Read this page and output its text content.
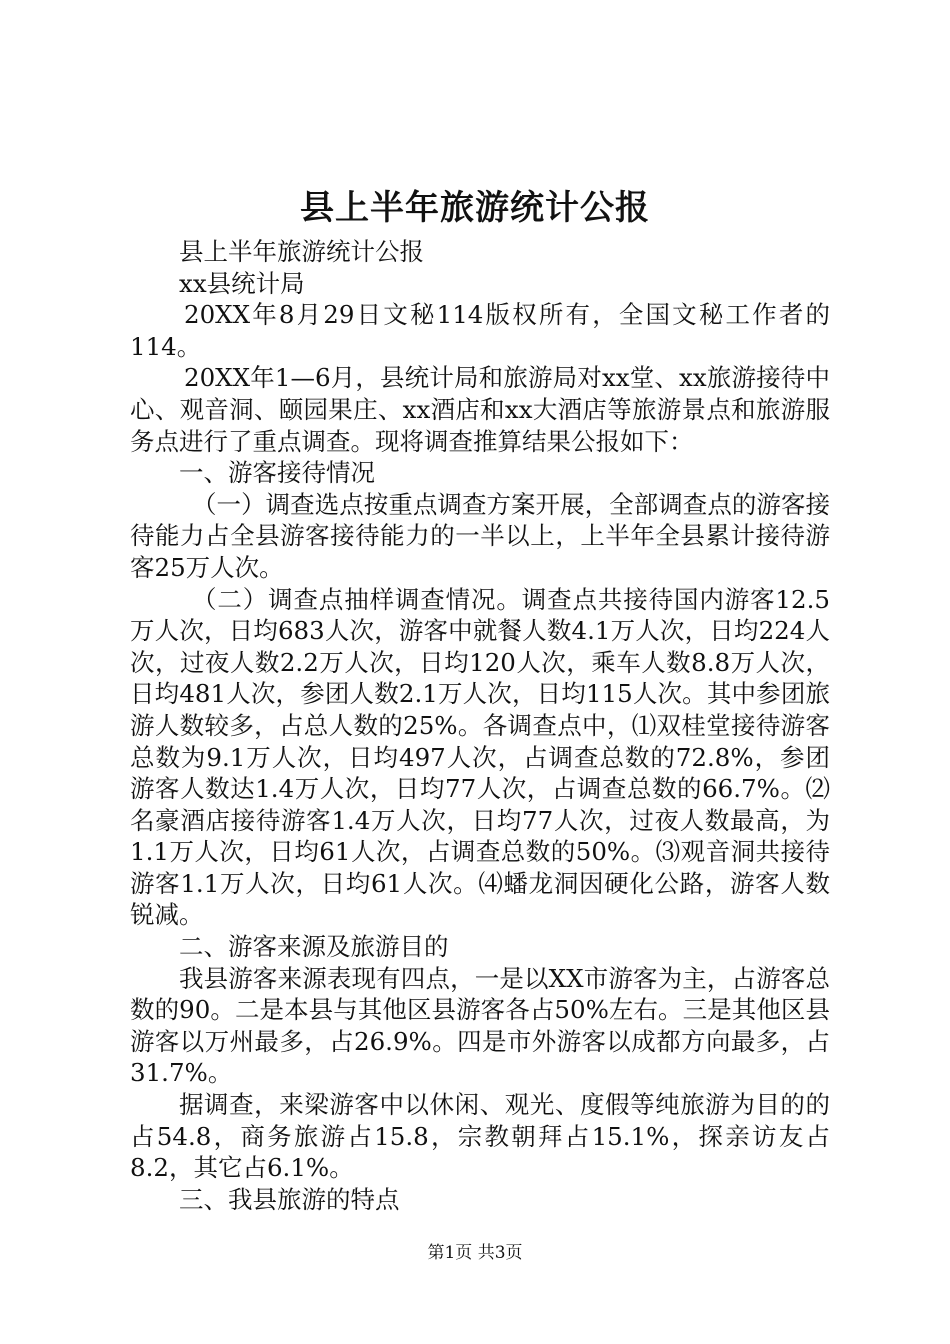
县上半年旅游统计公报

县上半年旅游统计公报

xx县统计局

20XX年8月29日文秘114版权所有，全国文秘工作者的114。

20XX年1—6月，县统计局和旅游局对xx堂、xx旅游接待中心、观音洞、颐园果庄、xx酒店和xx大酒店等旅游景点和旅游服务点进行了重点调查。现将调查推算结果公报如下：

一、游客接待情况

（一）调查选点按重点调查方案开展，全部调查点的游客接待能力占全县游客接待能力的一半以上，上半年全县累计接待游客25万人次。

（二）调查点抽样调查情况。调查点共接待国内游客12.5万人次，日均683人次，游客中就餐人数4.1万人次，日均224人次，过夜人数2.2万人次，日均120人次，乘车人数8.8万人次，日均481人次，参团人数2.1万人次，日均115人次。其中参团旅游人数较多，占总人数的25%。各调查点中，⑴双桂堂接待游客总数为9.1万人次，日均497人次，占调查总数的72.8%，参团游客人数达1.4万人次，日均77人次，占调查总数的66.7%。⑵名豪酒店接待游客1.4万人次，日均77人次，过夜人数最高，为1.1万人次，日均61人次，占调查总数的50%。⑶观音洞共接待游客1.1万人次，日均61人次。⑷蟠龙洞因硬化公路，游客人数锐减。

二、游客来源及旅游目的

我县游客来源表现有四点，一是以XX市游客为主，占游客总数的90。二是本县与其他区县游客各占50%左右。三是其他区县游客以万州最多，占26.9%。四是市外游客以成都方向最多，占31.7%。

据调查，来梁游客中以休闲、观光、度假等纯旅游为目的的占54.8，商务旅游占15.8，宗教朝拜占15.1%，探亲访友占8.2，其它占6.1%。

三、我县旅游的特点

第1页 共3页
